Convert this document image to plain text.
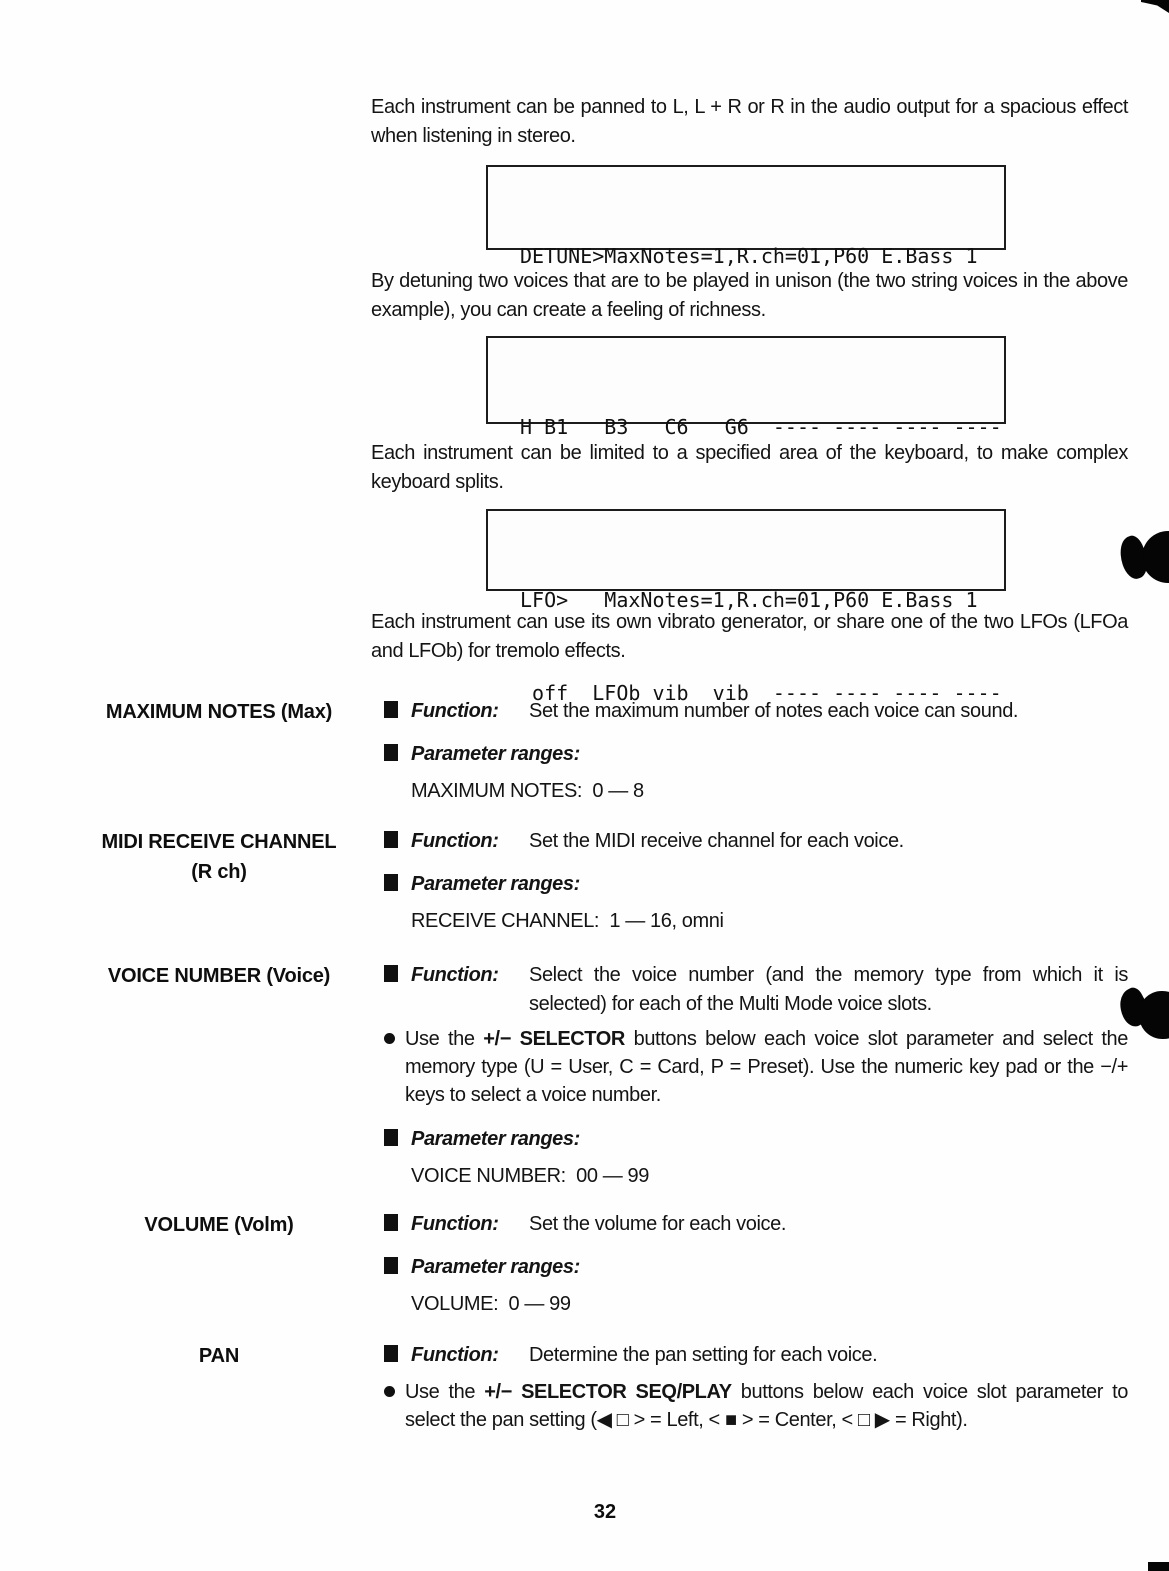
Each instrument can be panned to L, L + R or R in the audio output for a spacious effect when listening in stereo.

DETUNE>MaxNotes=1,R.ch=01,P60 E.Bass 1

By detuning two voices that are to be played in unison (the two string voices in the above example), you can create a feeling of richness.

H B1   B3   C6   G6  ---- ---- ---- ----

Each instrument can be limited to a specified area of the keyboard, to make complex keyboard splits.

LFO>   MaxNotes=1,R.ch=01,P60 E.Bass 1

off  LFOb vib  vib  ---- ---- ---- ----

Each instrument can use its own vibrato generator, or share one of the two LFOs (LFOa and LFOb) for tremolo effects.

MAXIMUM NOTES (Max)	Function:	Set the maximum number of notes each voice can sound.
Parameter ranges:
MAXIMUM NOTES:  0 — 8
MIDI RECEIVE CHANNEL
(R ch)
Function:	Set the MIDI receive channel for each voice.
Parameter ranges:
RECEIVE CHANNEL:  1 — 16, omni
VOICE NUMBER (Voice)	Function:	Select the voice number (and the memory type from which it is selected) for each of the Multi Mode voice slots.
Use the +/− SELECTOR buttons below each voice slot parameter and select the memory type (U = User, C = Card, P = Preset). Use the numeric key pad or the −/+ keys to select a voice number.
Parameter ranges:
VOICE NUMBER:  00 — 99
VOLUME (Volm)	Function:	Set the volume for each voice.
Parameter ranges:
VOLUME:  0 — 99
PAN	Function:	Determine the pan setting for each voice.
Use the +/− SELECTOR SEQ/PLAY buttons below each voice slot parameter to select the pan setting (◀ □ > = Left, < ■ > = Center, < □ ▶ = Right).
32
